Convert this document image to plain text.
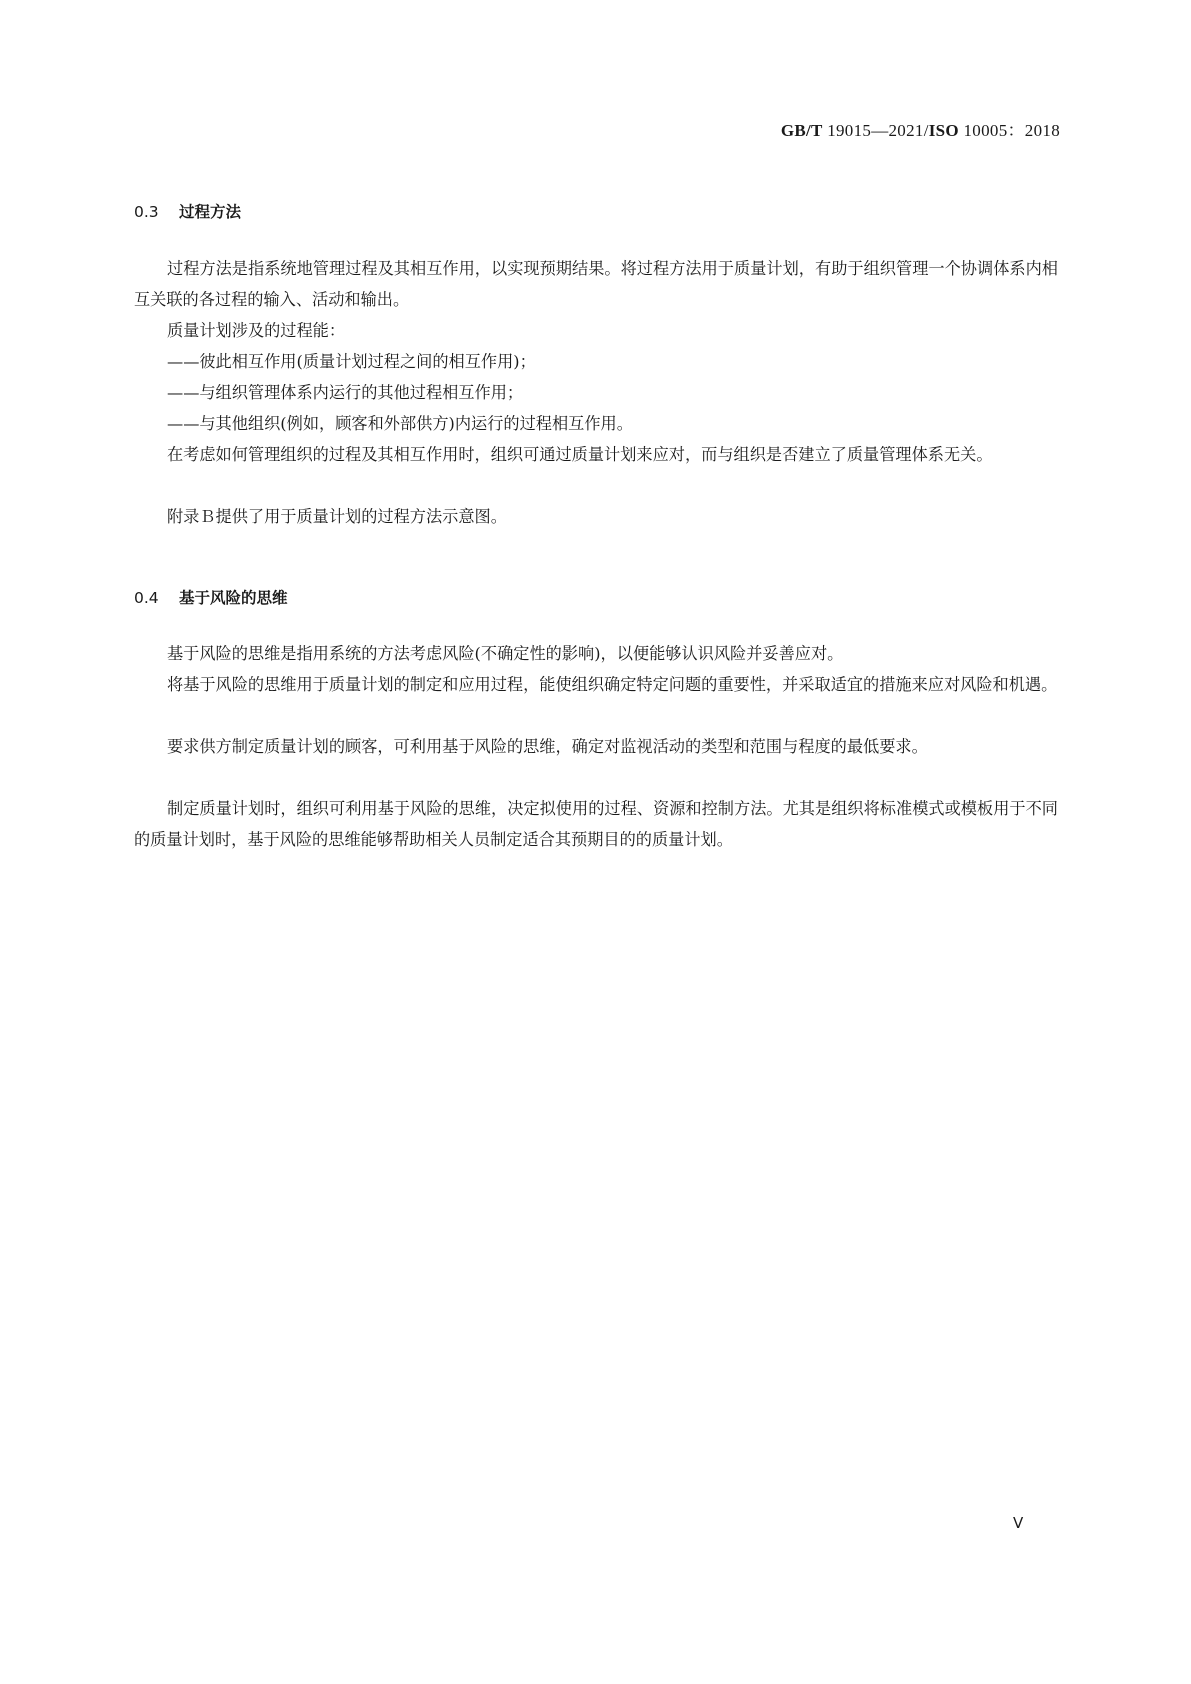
GB/T 19015—2021/ISO 10005：2018
0.3 过程方法

过程方法是指系统地管理过程及其相互作用，以实现预期结果。将过程方法用于质量计划，有助于组织管理一个协调体系内相互关联的各过程的输入、活动和输出。

质量计划涉及的过程能：

——彼此相互作用(质量计划过程之间的相互作用)；

——与组织管理体系内运行的其他过程相互作用；

——与其他组织(例如，顾客和外部供方)内运行的过程相互作用。

在考虑如何管理组织的过程及其相互作用时，组织可通过质量计划来应对，而与组织是否建立了质量管理体系无关。

附录Ｂ提供了用于质量计划的过程方法示意图。

0.4 基于风险的思维

基于风险的思维是指用系统的方法考虑风险(不确定性的影响)，以便能够认识风险并妥善应对。

将基于风险的思维用于质量计划的制定和应用过程，能使组织确定特定问题的重要性，并采取适宜的措施来应对风险和机遇。

要求供方制定质量计划的顾客，可利用基于风险的思维，确定对监视活动的类型和范围与程度的最低要求。

制定质量计划时，组织可利用基于风险的思维，决定拟使用的过程、资源和控制方法。尤其是组织将标准模式或模板用于不同的质量计划时，基于风险的思维能够帮助相关人员制定适合其预期目的的质量计划。

Ⅴ
